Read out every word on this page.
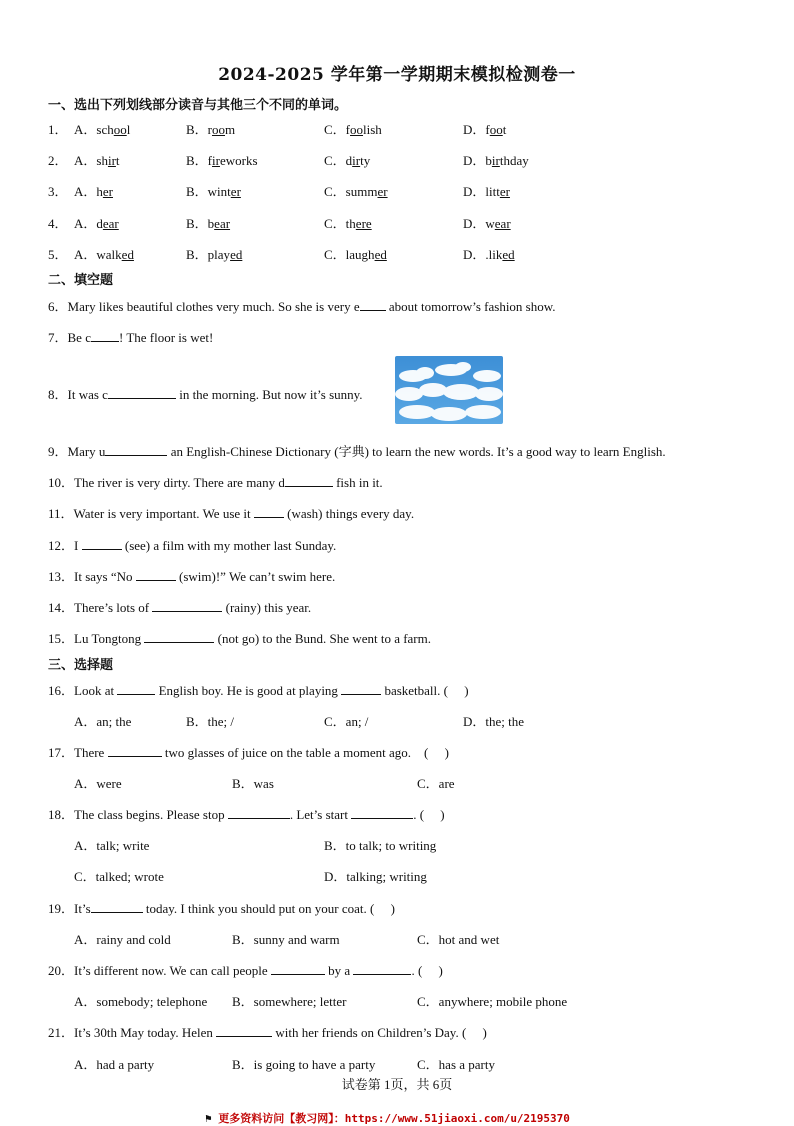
2024-2025 学年第一学期期末模拟检测卷一
一、选出下列划线部分读音与其他三个不同的单词。
1． A．school	B．room	C．foolish	D．foot
2． A．shirt	B．fireworks	C．dirty	D．birthday
3． A．her	B．winter	C．summer	D．litter
4． A．dear	B．bear	C．there	D．wear
5． A．walked	B．played	C．laughed	D．.liked
二、填空题
6．Mary likes beautiful clothes very much. So she is very e about tomorrow’s fashion show.
7．Be c ! The floor is wet!
8．It was c	in the morning. But now it’s sunny.
9．Mary u	an English-Chinese Dictionary (字典) to learn the new words. It’s a good way to learn English.
10．The river is very dirty. There are many d	fish in it.
11．Water is very important. We use it  (wash) things every day.
12．I	(see) a film with my mother last Sunday.
13．It says “No	(swim)!” We can’t swim here.
14．There’s lots of	(rainy) this year.
15．Lu Tongtong	(not go) to the Bund. She went to a farm.
三、选择题
16．Look at	English boy. He is good at playing	basketball. (　 )
A．an; the	B．the; /	C．an; /	D．the; the
17．There	two glasses of juice on the table a moment ago.　(　 )
A．were	B．was	C．are
18．The class begins. Please stop	. Let’s start	. (　 )
A．talk; write	B．to talk; to writing
C．talked; wrote	D．talking; writing
19．It’s	today. I think you should put on your coat. (　 )
A．rainy and cold	B．sunny and warm	C．hot and wet
20．It’s different now. We can call people	by a	. (　 )
A．somebody; telephone B．somewhere; letter	C．anywhere; mobile phone
21．It’s 30th May today. Helen	with her friends on Children’s Day. (　 )
A．had a party	B．is going to have a party	C．has a party
试卷第 1页，共 6页
⚑ 更多资料访问【教习网】：https://www.51jiaoxi.com/u/2195370
